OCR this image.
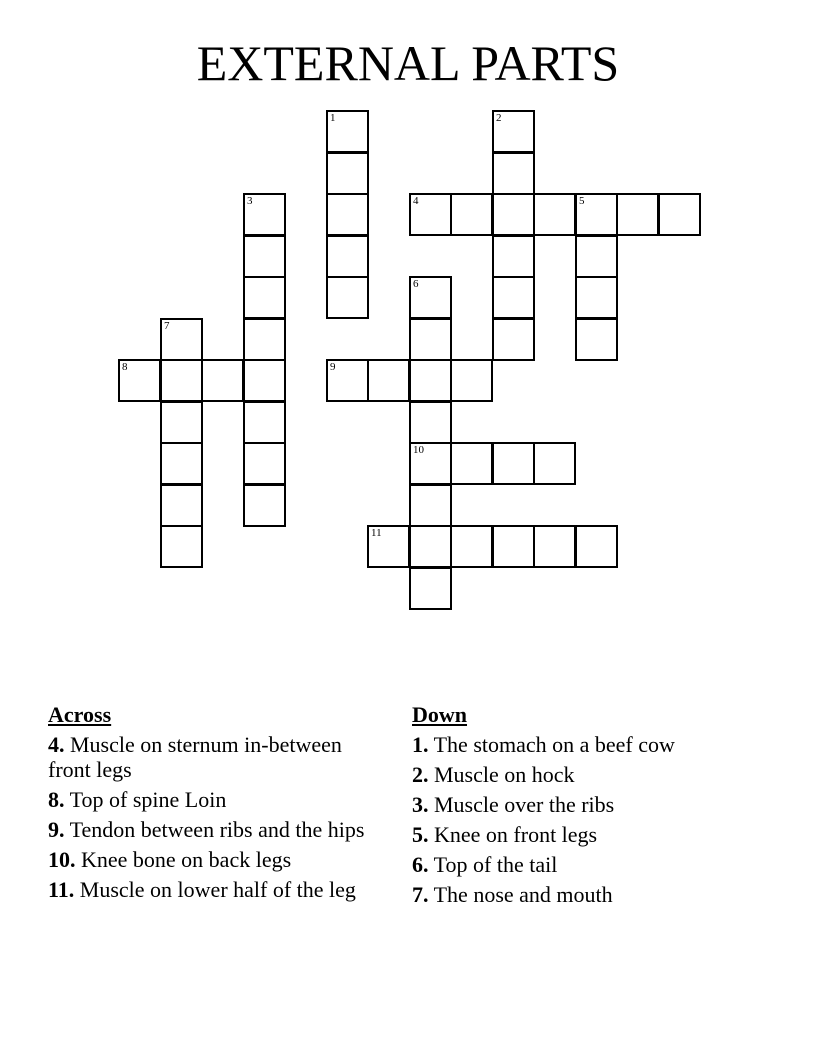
EXTERNAL PARTS
1	2
3	4	5
6
10
7
8	9
11
Across
4. Muscle on sternum in-between front legs
8. Top of spine Loin
9. Tendon between ribs and the hips
10. Knee bone on back legs
11. Muscle on lower half of the leg
Down
1. The stomach on a beef cow
2. Muscle on hock
3. Muscle over the ribs
5. Knee on front legs
6. Top of the tail
7. The nose and mouth
